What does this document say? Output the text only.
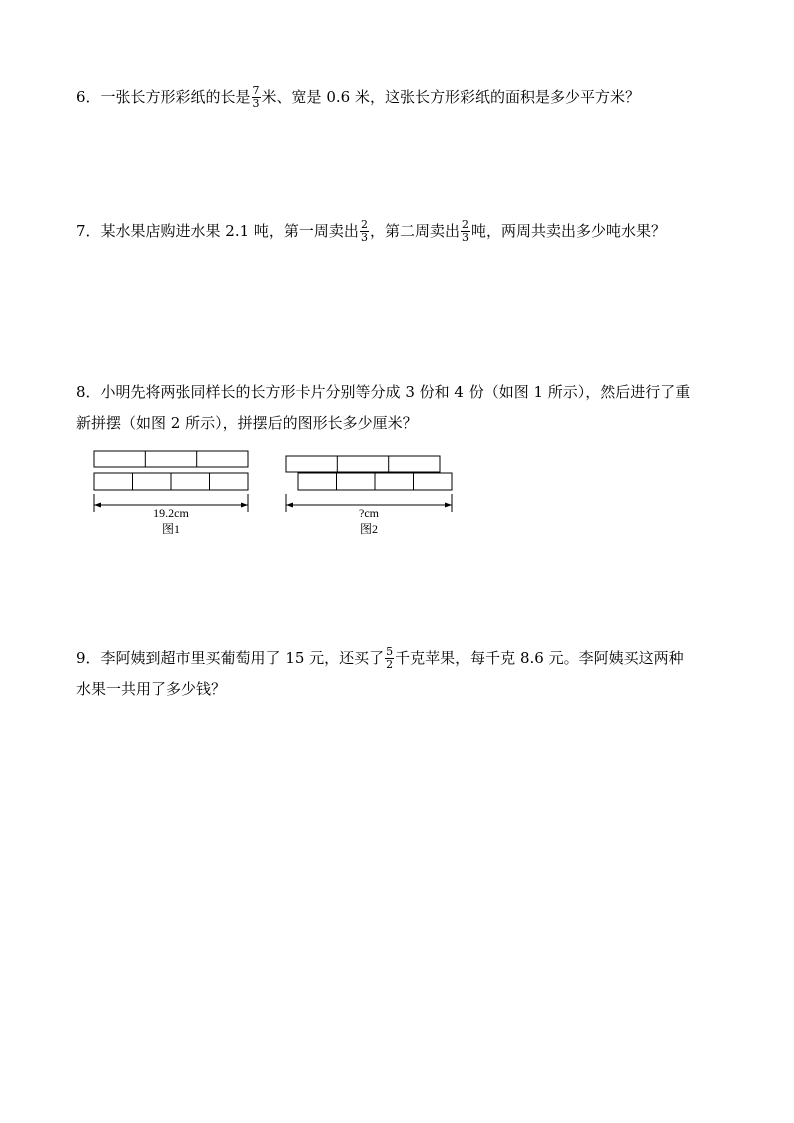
6．一张长方形彩纸的长是 $\frac{7}{3}$ 米、宽是 0.6 米，这张长方形彩纸的面积是多少平方米？
7．某水果店购进水果 2.1 吨，第一周卖出 $\frac{2}{3}$ ，第二周卖出 $\frac{2}{3}$ 吨，两周共卖出多少吨水果？
8．小明先将两张同样长的长方形卡片分别等分成 3 份和 4 份（如图 1 所示），然后进行了重
新拼摆（如图 2 所示），拼摆后的图形长多少厘米？
19.2cm
图1
?cm
图2
9．李阿姨到超市里买葡萄用了 15 元，还买了 $\frac{5}{2}$ 千克苹果，每千克 8.6 元。李阿姨买这两种
水果一共用了多少钱？
